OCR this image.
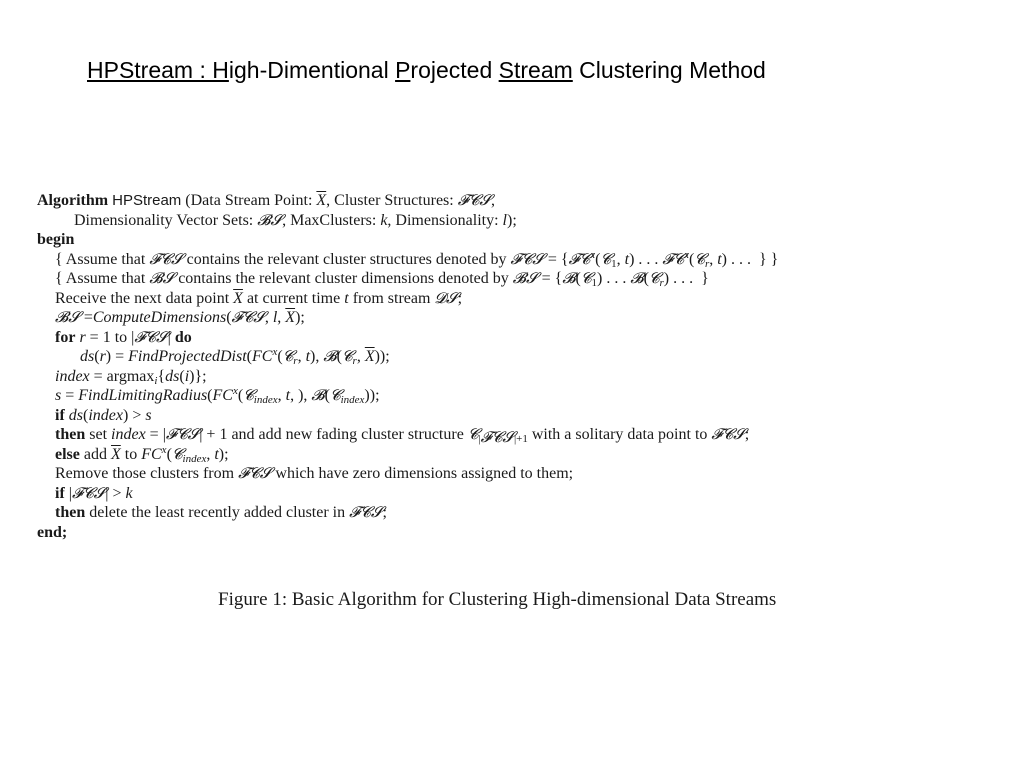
HPStream : High-Dimentional Projected Stream Clustering Method
Algorithm HPStream (Data Stream Point: $\overline{X}$, Cluster Structures: 𝓕𝓒𝓢,
Dimensionality Vector Sets: 𝓑𝓢, MaxClusters: k, Dimensionality: l);
begin
{ Assume that 𝓕𝓒𝓢 contains the relevant cluster structures denoted by 𝓕𝓒𝓢 = {𝓕𝓒$^x$(𝓒$_1$, t) . . . 𝓕𝓒$^x$(𝓒$_r$, t) . . .  } }
{ Assume that 𝓑𝓢 contains the relevant cluster dimensions denoted by 𝓑𝓢 = {𝓑(𝓒$_1$) . . . 𝓑(𝓒$_r$) . . .  }
Receive the next data point $\overline{X}$ at current time t from stream 𝓓𝓢;
𝓑𝓢 =ComputeDimensions(𝓕𝓒𝓢, l, $\overline{X}$);
for r = 1 to |𝓕𝓒𝓢| do
$ds(r) = FindProjectedDist(FC^x(𝓒_r$, t), 𝓑(𝓒$_r$, $\overline{X}$));
index = argmax$_i${ds(i)};
$s = FindLimitingRadius(FC^x(𝓒_{index}$, t, ), 𝓑(𝓒$_{index}$));
if ds(index) > s
then set index = |𝓕𝓒𝓢| + 1 and add new fading cluster structure 𝓒$_{|𝓕𝓒𝓢|+1}$ with a solitary data point to 𝓕𝓒𝓢;
else add $\overline{X}$ to $FC^x(𝓒_{index}$, t);
Remove those clusters from 𝓕𝓒𝓢 which have zero dimensions assigned to them;
if |𝓕𝓒𝓢| > k
then delete the least recently added cluster in 𝓕𝓒𝓢;
end;
Figure 1: Basic Algorithm for Clustering High-dimensional Data Streams
